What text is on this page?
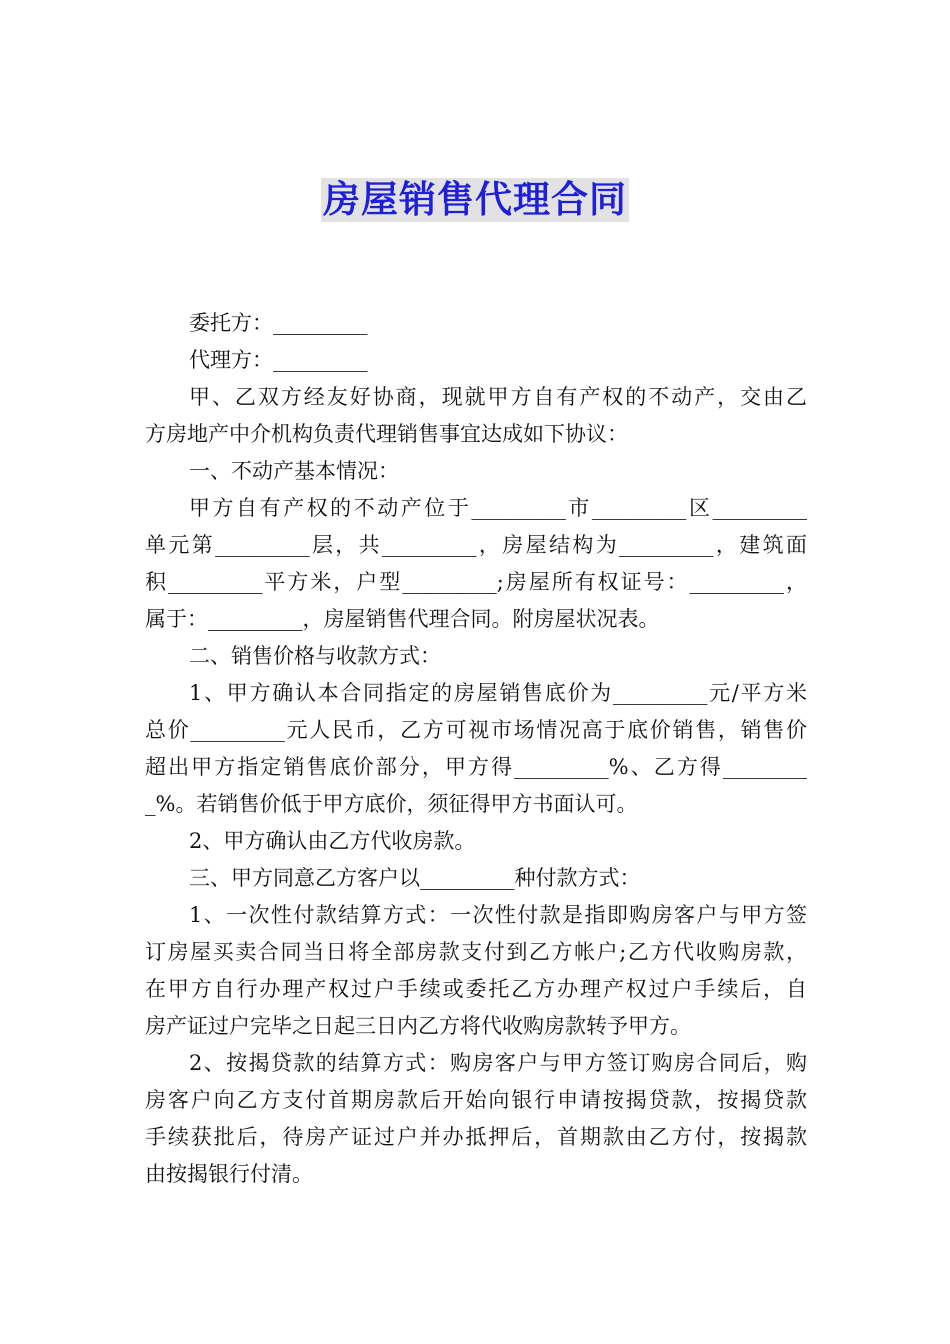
房屋销售代理合同
委托方：_________
代理方：_________
甲、乙双方经友好协商，现就甲方自有产权的不动产，交由乙
方房地产中介机构负责代理销售事宜达成如下协议：
一、不动产基本情况：
甲方自有产权的不动产位于_________市_________区_________
单元第_________层，共_________，房屋结构为_________，建筑面
积_________平方米，户型_________;房屋所有权证号：_________，
属于：_________，房屋销售代理合同。附房屋状况表。
二、销售价格与收款方式：
1、甲方确认本合同指定的房屋销售底价为_________元/平方米
总价_________元人民币，乙方可视市场情况高于底价销售，销售价
超出甲方指定销售底价部分，甲方得_________%、乙方得________
_%。若销售价低于甲方底价，须征得甲方书面认可。
2、甲方确认由乙方代收房款。
三、甲方同意乙方客户以_________种付款方式：
1、一次性付款结算方式：一次性付款是指即购房客户与甲方签
订房屋买卖合同当日将全部房款支付到乙方帐户;乙方代收购房款，
在甲方自行办理产权过户手续或委托乙方办理产权过户手续后，自
房产证过户完毕之日起三日内乙方将代收购房款转予甲方。
2、按揭贷款的结算方式：购房客户与甲方签订购房合同后，购
房客户向乙方支付首期房款后开始向银行申请按揭贷款，按揭贷款
手续获批后，待房产证过户并办抵押后，首期款由乙方付，按揭款
由按揭银行付清。
